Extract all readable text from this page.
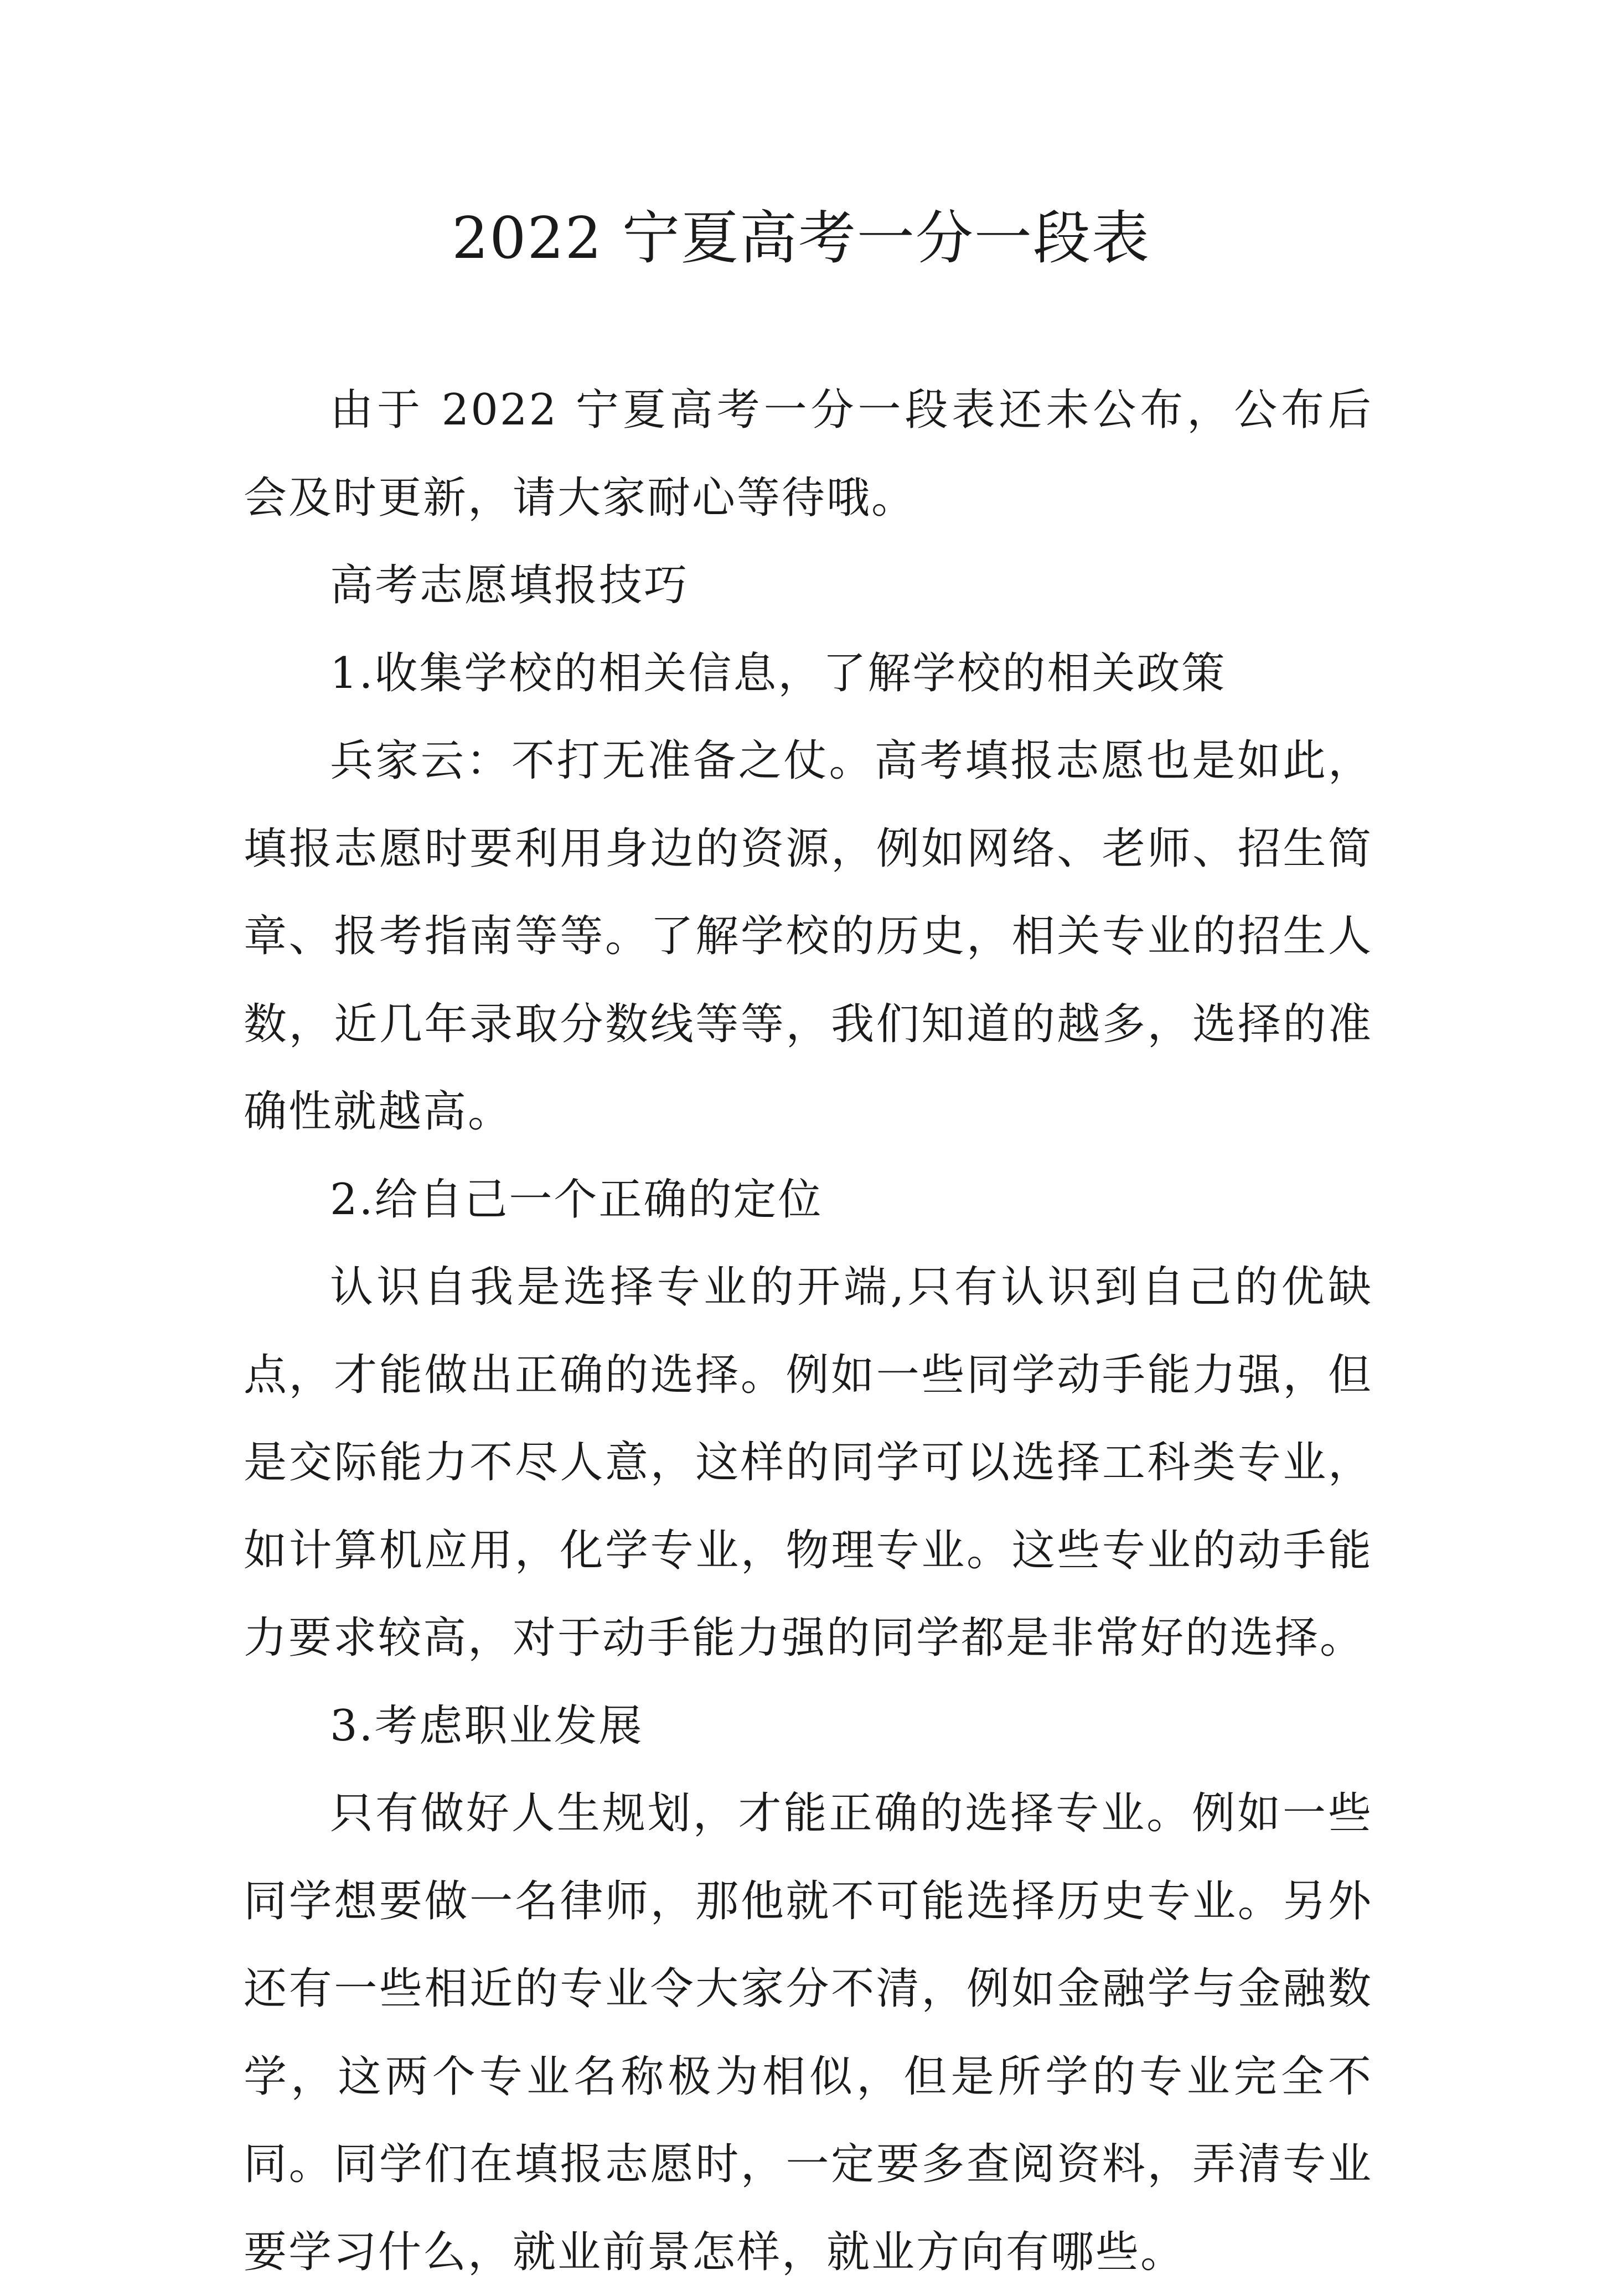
2022 宁夏高考一分一段表

由于 2022 宁夏高考一分一段表还未公布，公布后会及时更新，请大家耐心等待哦。

高考志愿填报技巧

1.收集学校的相关信息，了解学校的相关政策

兵家云：不打无准备之仗。高考填报志愿也是如此，填报志愿时要利用身边的资源，例如网络、老师、招生简章、报考指南等等。了解学校的历史，相关专业的招生人数，近几年录取分数线等等，我们知道的越多，选择的准确性就越高。

2.给自己一个正确的定位

认识自我是选择专业的开端,只有认识到自己的优缺点，才能做出正确的选择。例如一些同学动手能力强，但是交际能力不尽人意，这样的同学可以选择工科类专业，如计算机应用，化学专业，物理专业。这些专业的动手能力要求较高，对于动手能力强的同学都是非常好的选择。

3.考虑职业发展

只有做好人生规划，才能正确的选择专业。例如一些同学想要做一名律师，那他就不可能选择历史专业。另外还有一些相近的专业令大家分不清，例如金融学与金融数学，这两个专业名称极为相似，但是所学的专业完全不同。同学们在填报志愿时，一定要多查阅资料，弄清专业要学习什么，就业前景怎样，就业方向有哪些。
